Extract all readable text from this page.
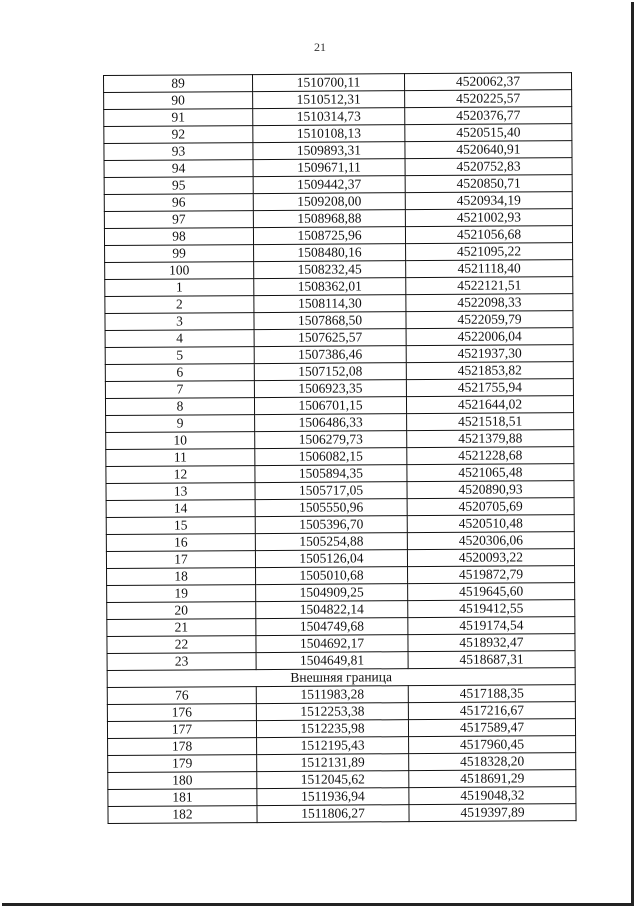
21
89	1510700,11	4520062,37
90	1510512,31	4520225,57
91	1510314,73	4520376,77
92	1510108,13	4520515,40
93	1509893,31	4520640,91
94	1509671,11	4520752,83
95	1509442,37	4520850,71
96	1509208,00	4520934,19
97	1508968,88	4521002,93
98	1508725,96	4521056,68
99	1508480,16	4521095,22
100	1508232,45	4521118,40
1	1508362,01	4522121,51
2	1508114,30	4522098,33
3	1507868,50	4522059,79
4	1507625,57	4522006,04
5	1507386,46	4521937,30
6	1507152,08	4521853,82
7	1506923,35	4521755,94
8	1506701,15	4521644,02
9	1506486,33	4521518,51
10	1506279,73	4521379,88
11	1506082,15	4521228,68
12	1505894,35	4521065,48
13	1505717,05	4520890,93
14	1505550,96	4520705,69
15	1505396,70	4520510,48
16	1505254,88	4520306,06
17	1505126,04	4520093,22
18	1505010,68	4519872,79
19	1504909,25	4519645,60
20	1504822,14	4519412,55
21	1504749,68	4519174,54
22	1504692,17	4518932,47
23	1504649,81	4518687,31
Внешняя граница		
76	1511983,28	4517188,35
176	1512253,38	4517216,67
177	1512235,98	4517589,47
178	1512195,43	4517960,45
179	1512131,89	4518328,20
180	1512045,62	4518691,29
181	1511936,94	4519048,32
182	1511806,27	4519397,89
